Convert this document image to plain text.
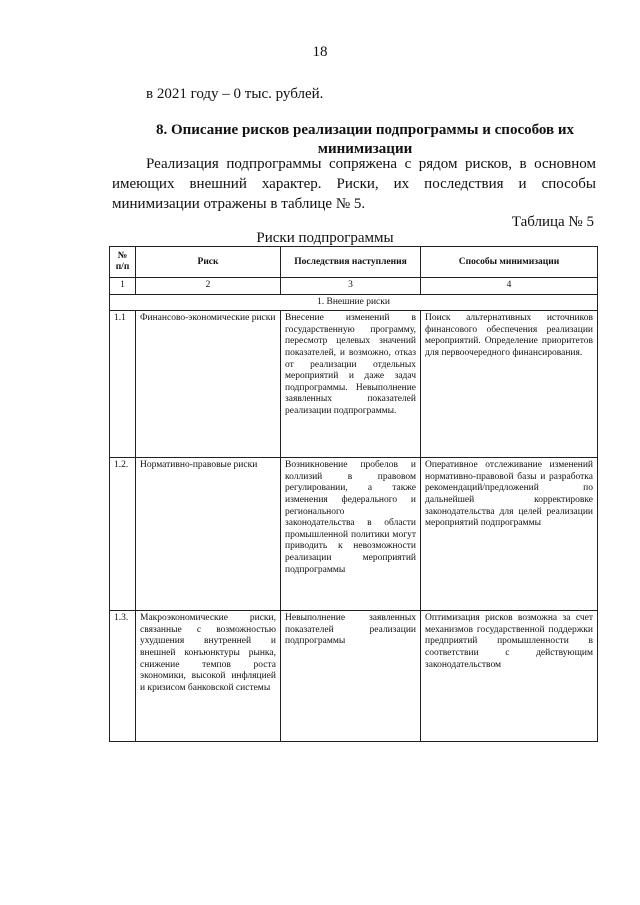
18
в 2021 году – 0 тыс. рублей.
8. Описание рисков реализации подпрограммы и способов их минимизации
Реализация подпрограммы сопряжена с рядом рисков, в основном имеющих внешний характер. Риски, их последствия и способы минимизации отражены в таблице № 5.
Таблица № 5
Риски подпрограммы
№ п/п	Риск	Последствия наступления	Способы минимизации
1	2	3	4
1. Внешние риски			
1.1	Финансово-экономические риски	Внесение изменений в государственную программу, пересмотр целевых значений показателей, и возможно, отказ от реализации отдельных мероприятий и даже задач подпрограммы. Невыполнение заявленных показателей реализации подпрограммы.	Поиск альтернативных источников финансового обеспечения реализации мероприятий. Определение приоритетов для первоочередного финансирования.
1.2.	Нормативно-правовые риски	Возникновение пробелов и коллизий в правовом регулировании, а также изменения федерального и регионального законодательства в области промышленной политики могут приводить к невозможности реализации мероприятий подпрограммы	Оперативное отслеживание изменений нормативно-правовой базы и разработка рекомендаций/предложений по дальнейшей корректировке законодательства для целей реализации мероприятий подпрограммы
1.3.	Макроэкономические риски, связанные с возможностью ухудшения внутренней и внешней конъюнктуры рынка, снижение темпов роста экономики, высокой инфляцией и кризисом банковской системы	Невыполнение заявленных показателей реализации подпрограммы	Оптимизация рисков возможна за счет механизмов государственной поддержки предприятий промышленности в соответствии с действующим законодательством
